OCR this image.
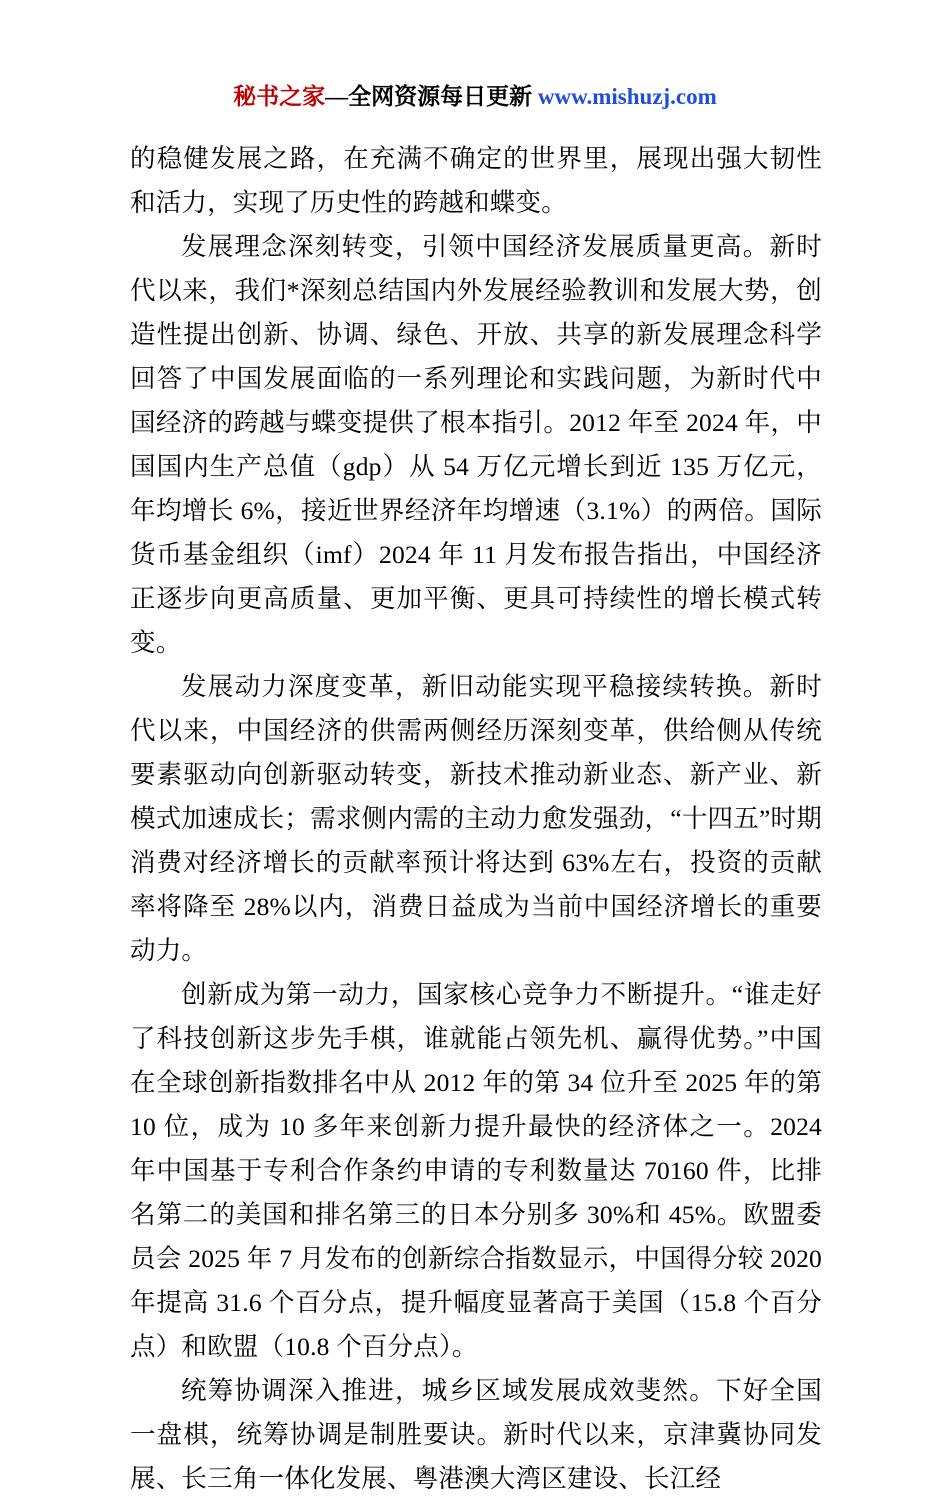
秘书之家—全网资源每日更新 www.mishuzj.com

的稳健发展之路，在充满不确定的世界里，展现出强大韧性和活力，实现了历史性的跨越和蝶变。

发展理念深刻转变，引领中国经济发展质量更高。新时代以来，我们*深刻总结国内外发展经验教训和发展大势，创造性提出创新、协调、绿色、开放、共享的新发展理念科学回答了中国发展面临的一系列理论和实践问题，为新时代中国经济的跨越与蝶变提供了根本指引。2012 年至 2024 年，中国国内生产总值（gdp）从 54 万亿元增长到近 135 万亿元，年均增长 6%，接近世界经济年均增速（3.1%）的两倍。国际货币基金组织（imf）2024 年 11 月发布报告指出，中国经济正逐步向更高质量、更加平衡、更具可持续性的增长模式转变。

发展动力深度变革，新旧动能实现平稳接续转换。新时代以来，中国经济的供需两侧经历深刻变革，供给侧从传统要素驱动向创新驱动转变，新技术推动新业态、新产业、新模式加速成长；需求侧内需的主动力愈发强劲，“十四五”时期消费对经济增长的贡献率预计将达到 63%左右，投资的贡献率将降至 28%以内，消费日益成为当前中国经济增长的重要动力。

创新成为第一动力，国家核心竞争力不断提升。“谁走好了科技创新这步先手棋，谁就能占领先机、赢得优势。”中国在全球创新指数排名中从 2012 年的第 34 位升至 2025 年的第 10 位，成为 10 多年来创新力提升最快的经济体之一。2024 年中国基于专利合作条约申请的专利数量达 70160 件，比排名第二的美国和排名第三的日本分别多 30%和 45%。欧盟委员会 2025 年 7 月发布的创新综合指数显示，中国得分较 2020 年提高 31.6 个百分点，提升幅度显著高于美国（15.8 个百分点）和欧盟（10.8 个百分点）。

统筹协调深入推进，城乡区域发展成效斐然。下好全国一盘棋，统筹协调是制胜要诀。新时代以来，京津冀协同发展、长三角一体化发展、粤港澳大湾区建设、长江经
